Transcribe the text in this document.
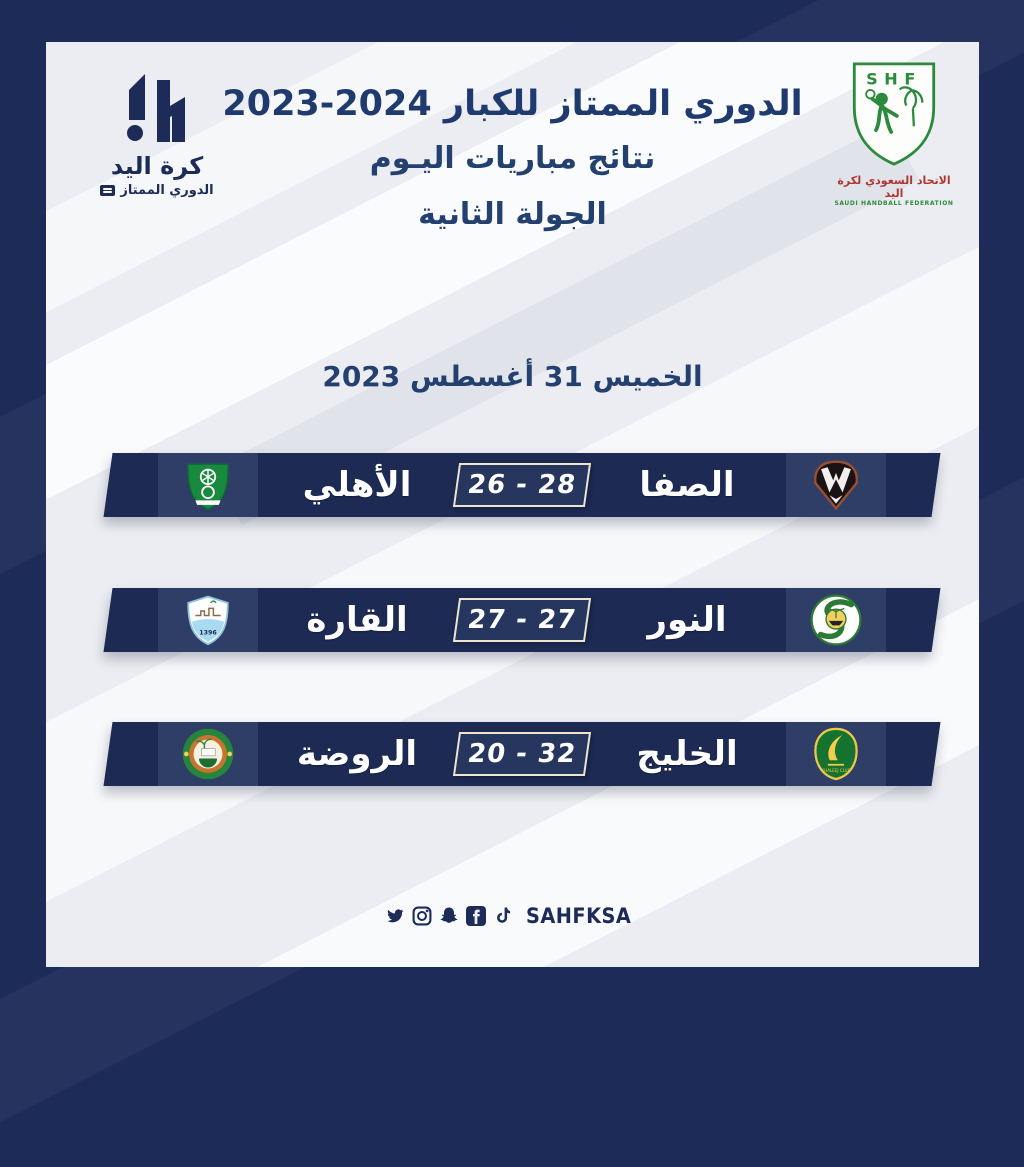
كرة اليد
الدوري الممتاز
SHF
الاتحاد السعودي لكرة اليد
SAUDI HANDBALL FEDERATION
الدوري الممتاز للكبار 2024-2023
نتائج مباريات اليـوم
الجولة الثانية
الخميس 31 أغسطس 2023
الأهلي	26 - 28	الصفا
1396	القارة	27 - 27	النور
الروضة	20 - 32	الخليج	KHALEEJ CLUB
SAHFKSA
